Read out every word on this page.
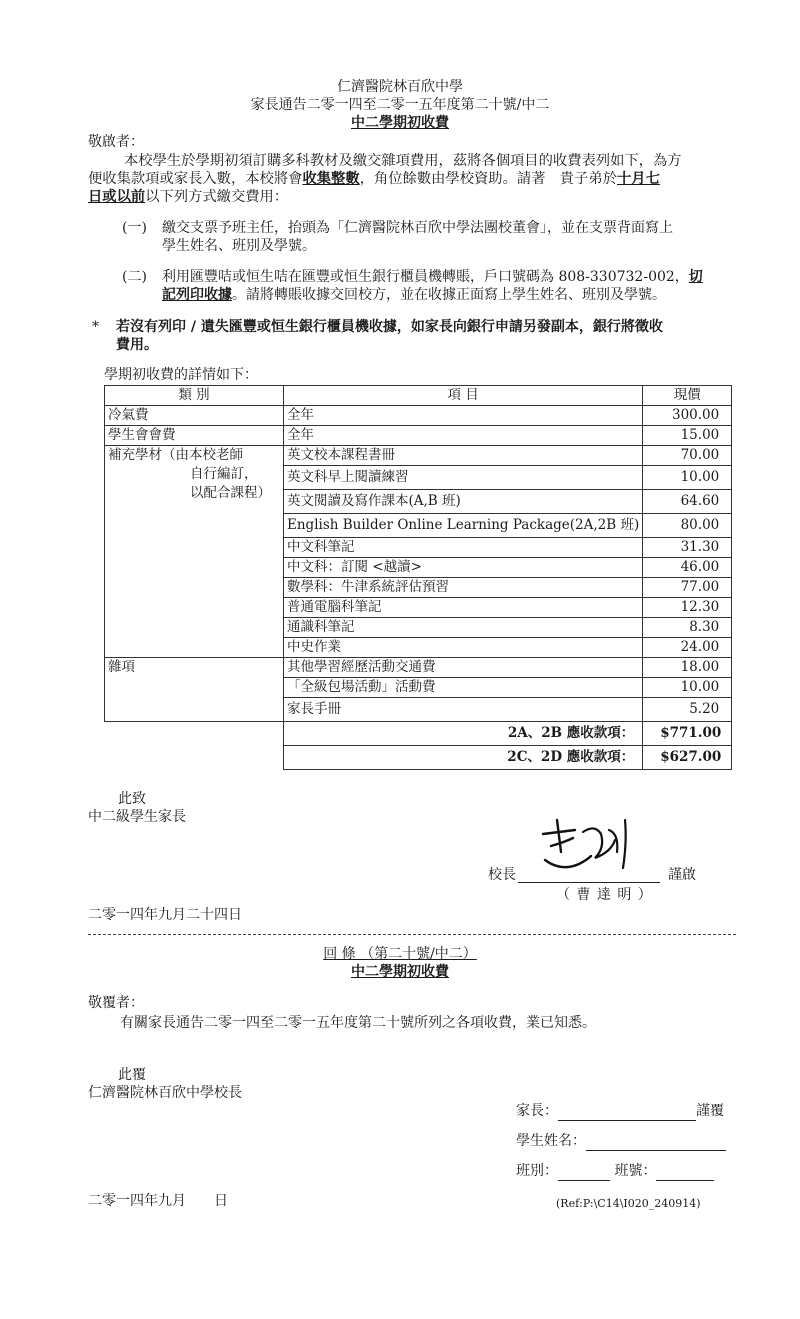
仁濟醫院林百欣中學
家長通告二零一四至二零一五年度第二十號/中二
中二學期初收費
敬啟者：
本校學生於學期初須訂購多科教材及繳交雜項費用，茲將各個項目的收費表列如下，為方
便收集款項或家長入數，本校將會收集整數，角位餘數由學校資助。請著　貴子弟於十月七
日或以前以下列方式繳交費用：
(一) 繳交支票予班主任，抬頭為「仁濟醫院林百欣中學法團校董會」，並在支票背面寫上
學生姓名、班別及學號。
(二) 利用匯豐咭或恒生咭在匯豐或恒生銀行櫃員機轉賬，戶口號碼為 808-330732-002，切
記列印收據。請將轉賬收據交回校方，並在收據正面寫上學生姓名、班別及學號。
* 若沒有列印 / 遺失匯豐或恒生銀行櫃員機收據，如家長向銀行申請另發副本，銀行將徵收
費用。
學期初收費的詳情如下：
類 別	項 目	現價
冷氣費	全年	300.00
學生會會費	全年	15.00

補充學材（由本校老師
自行編訂，
以配合課程）	英文校本課程書冊	70.00
	英文科早上閱讀練習	10.00
	英文閱讀及寫作課本(A,B 班)	64.60
	English Builder Online Learning Package(2A,2B 班)	80.00
	中文科筆記	31.30
	中文科：訂閱 <越讀>	46.00
	數學科：牛津系統評估預習	77.00
	普通電腦科筆記	12.30
	通識科筆記	8.30
	中史作業	24.00
雜項	其他學習經歷活動交通費	18.00
	「全級包場活動」活動費	10.00
	家長手冊	5.20
	2A、2B 應收款項：	$771.00
	2C、2D 應收款項：	$627.00
此致
中二級學生家長
校長	謹啟
（ 曹 達 明 ）
二零一四年九月二十四日
回 條 （第二十號/中二）
中二學期初收費
敬覆者：
有關家長通告二零一四至二零一五年度第二十號所列之各項收費，業已知悉。
此覆
仁濟醫院林百欣中學校長
家長：	謹覆
學生姓名：
班別：	班號：
二零一四年九月　　日	(Ref:P:\C14\I020_240914)
